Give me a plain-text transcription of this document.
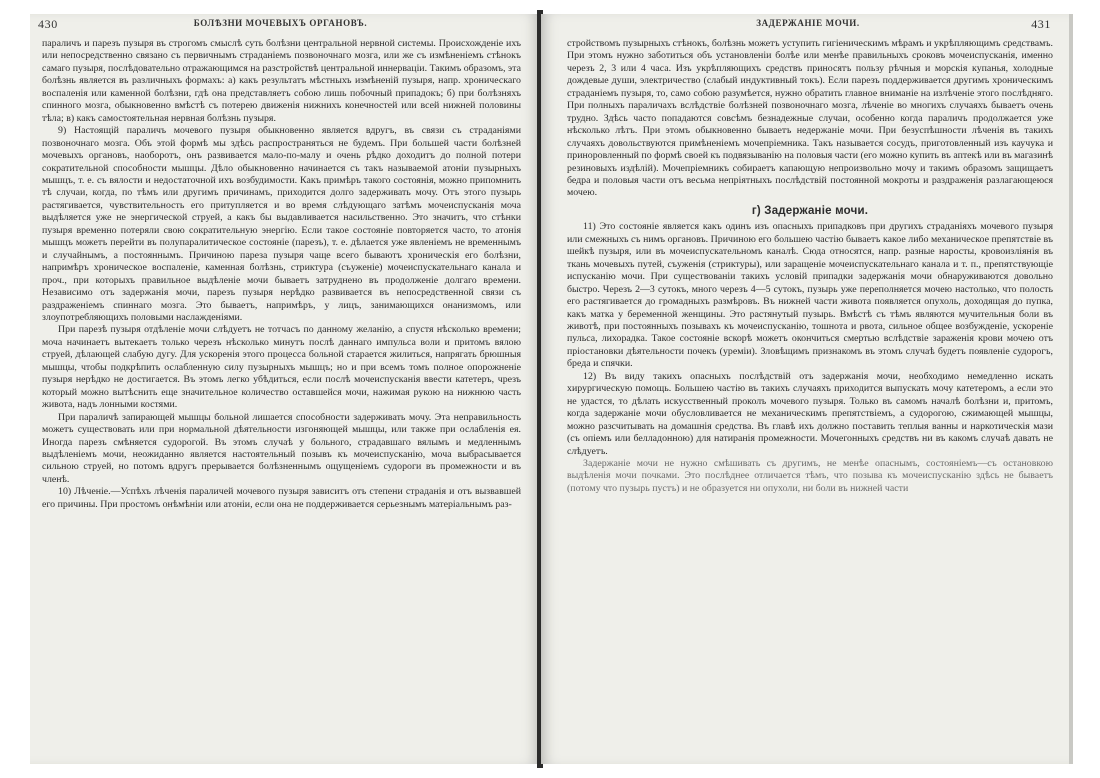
430	БОЛѢЗНИ МОЧЕВЫХЪ ОРГАНОВЪ.

параличъ и парезъ пузыря въ строгомъ смыслѣ суть болѣзни центральной нервной системы. Происхожденіе ихъ или непосредственно связано съ первичнымъ страданіемъ позвоночнаго мозга, или же съ измѣненіемъ стѣнокъ самаго пузыря, послѣдовательно отражающимся на разстройствѣ центральной иннерваціи. Такимъ образомъ, эта болѣзнь является въ различныхъ формахъ: а) какъ результатъ мѣстныхъ измѣненій пузыря, напр. хроническаго воспаленія или каменной болѣзни, гдѣ она представляетъ собою лишь побочный припадокъ; б) при болѣзняхъ спинного мозга, обыкновенно вмѣстѣ съ потерею движенія нижнихъ конечностей или всей нижней половины тѣла; в) какъ самостоятельная нервная болѣзнь пузыря.

9) Настоящій параличъ мочевого пузыря обыкновенно является вдругъ, въ связи съ страданіями позвоночнаго мозга. Объ этой формѣ мы здѣсь распространяться не будемъ. При большей части болѣзней мочевыхъ органовъ, наоборотъ, онъ развивается мало-по-малу и очень рѣдко доходитъ до полной потери сократительной способности мышцы. Дѣло обыкновенно начинается съ такъ называемой атоніи пузырныхъ мышцъ, т. е. съ вялости и недостаточной ихъ возбудимости. Какъ примѣръ такого состоянія, можно припомнить тѣ случаи, когда, по тѣмъ или другимъ причинамъ, приходится долго задерживать мочу. Отъ этого пузырь растягивается, чувствительность его притупляется и во время слѣдующаго затѣмъ мочеиспусканія моча выдѣляется уже не энергической струей, а какъ бы выдавливается насильственно. Это значитъ, что стѣнки пузыря временно потеряли свою сократительную энергію. Если такое состояніе повторяется часто, то атонія мышцъ можетъ перейти въ полупаралитическое состояніе (парезъ), т. е. дѣлается уже явленіемъ не временнымъ и случайнымъ, а постояннымъ. Причиною пареза пузыря чаще всего бываютъ хроническія его болѣзни, напримѣръ хроническое воспаленіе, каменная болѣзнь, стриктура (съуженіе) мочеиспускательнаго канала и проч., при которыхъ правильное выдѣленіе мочи бываетъ затруднено въ продолженіе долгаго времени. Независимо отъ задержанія мочи, парезъ пузыря нерѣдко развивается въ непосредственной связи съ раздраженіемъ спиннаго мозга. Это бываетъ, напримѣръ, у лицъ, занимающихся онанизмомъ, или злоупотребляющихъ половыми наслажденіями.

При парезѣ пузыря отдѣленіе мочи слѣдуетъ не тотчасъ по данному желанію, а спустя нѣсколько времени; моча начинаетъ вытекаетъ только черезъ нѣсколько минутъ послѣ даннаго импульса воли и притомъ вялою струей, дѣлающей слабую дугу. Для ускоренія этого процесса больной старается жилиться, напрягать брюшныя мышцы, чтобы подкрѣпить ослабленную силу пузырныхъ мышцъ; но и при всемъ томъ полное опорожненіе пузыря нерѣдко не достигается. Въ этомъ легко убѣдиться, если послѣ мочеиспусканія ввести катетеръ, чрезъ который можно вытѣснить еще значительное количество оставшейся мочи, нажимая рукою на нижнюю часть живота, надъ лонными костями.

При параличѣ запирающей мышцы больной лишается способности задерживать мочу. Эта неправильность можетъ существовать или при нормальной дѣятельности изгоняющей мышцы, или также при ослабленія ея. Иногда парезъ смѣняется судорогой. Въ этомъ случаѣ у больного, страдавшаго вялымъ и медленнымъ выдѣленіемъ мочи, неожиданно является настоятельный позывъ къ мочеиспусканію, моча выбрасывается сильною струей, но потомъ вдругъ прерывается болѣзненнымъ ощущеніемъ судороги въ промежности и въ членѣ.

10) Лѣченіе.—Успѣхъ лѣченія параличей мочевого пузыря зависитъ отъ степени страданія и отъ вызвавшей его причины. При простомъ онѣмѣніи или атоніи, если она не поддерживается серьезнымъ матеріальнымъ раз-

ЗАДЕРЖАНІЕ МОЧИ.	431

стройствомъ пузырныхъ стѣнокъ, болѣзнь можетъ уступить гигіеническимъ мѣрамъ и укрѣпляющимъ средствамъ. При этомъ нужно заботиться объ установленіи болѣе или менѣе правильныхъ сроковъ мочеиспусканія, именно черезъ 2, 3 или 4 часа. Изъ укрѣпляющихъ средствъ приносятъ пользу рѣчныя и морскія купанья, холодные дождевые души, электричество (слабый индуктивный токъ). Если парезъ поддерживается другимъ хроническимъ страданіемъ пузыря, то, само собою разумѣется, нужно обратить главное вниманіе на излѣченіе этого послѣдняго. При полныхъ параличахъ вслѣдствіе болѣзней позвоночнаго мозга, лѣченіе во многихъ случаяхъ бываетъ очень трудно. Здѣсь часто попадаются совсѣмъ безнадежные случаи, особенно когда параличъ продолжается уже нѣсколько лѣтъ. При этомъ обыкновенно бываетъ недержаніе мочи. При безуспѣшности лѣченія въ такихъ случаяхъ довольствуются примѣненіемъ мочепріемника. Такъ называется сосудъ, приготовленный изъ каучука и приноровленный по формѣ своей къ подвязыванію на половыя части (его можно купить въ аптекѣ или въ магазинѣ резиновыхъ издѣлій). Мочепріемникъ собираетъ капающую непроизвольно мочу и такимъ образомъ защищаетъ бедра и половыя части отъ весьма непріятныхъ послѣдствій постоянной мокроты и раздраженія разлагающеюся мочею.

г) Задержаніе мочи.

11) Это состояніе является какъ одинъ изъ опасныхъ припадковъ при другихъ страданіяхъ мочевого пузыря или смежныхъ съ нимъ органовъ. Причиною его большею частію бываетъ какое либо механическое препятствіе въ шейкѣ пузыря, или въ мочеиспускательномъ каналѣ. Сюда относятся, напр. разные наросты, кровоизліянія въ ткань мочевыхъ путей, съуженія (стриктуры), или заращеніе мочеиспускательнаго канала и т. п., препятствующіе испусканію мочи. При существованіи такихъ условій припадки задержанія мочи обнаруживаются довольно быстро. Черезъ 2—3 сутокъ, много черезъ 4—5 сутокъ, пузырь уже переполняется мочею настолько, что полость его растягивается до громадныхъ размѣровъ. Въ нижней части живота появляется опухоль, доходящая до пупка, какъ матка у беременной женщины. Это растянутый пузырь. Вмѣстѣ съ тѣмъ являются мучительныя боли въ животѣ, при постоянныхъ позывахъ къ мочеиспусканію, тошнота и рвота, сильное общее возбужденіе, ускореніе пульса, лихорадка. Такое состояніе вскорѣ можетъ окончиться смертью вслѣдствіе зараженія крови мочею отъ пріостановки дѣятельности почекъ (уреміи). Зловѣщимъ признакомъ въ этомъ случаѣ будетъ появленіе судорогъ, бреда и спячки.

12) Въ виду такихъ опасныхъ послѣдствій отъ задержанія мочи, необходимо немедленно искать хирургическую помощь. Большею частію въ такихъ случаяхъ приходится выпускать мочу катетеромъ, а если это не удастся, то дѣлать искусственный проколъ мочевого пузыря. Только въ самомъ началѣ болѣзни и, притомъ, когда задержаніе мочи обусловливается не механическимъ препятствіемъ, а судорогою, сжимающей мышцы, можно разсчитывать на домашнія средства. Въ главѣ ихъ должно поставить теплыя ванны и наркотическія мази (съ опіемъ или белладонною) для натиранія промежности. Мочегонныхъ средствъ ни въ какомъ случаѣ давать не слѣдуетъ.

Задержаніе мочи не нужно смѣшивать съ другимъ, не менѣе опаснымъ, состояніемъ—съ остановкою выдѣленія мочи почками. Это послѣднее отличается тѣмъ, что позыва къ мочеиспусканію здѣсь не бываетъ (потому что пузырь пустъ) и не образуется ни опухоли, ни боли въ нижней части
